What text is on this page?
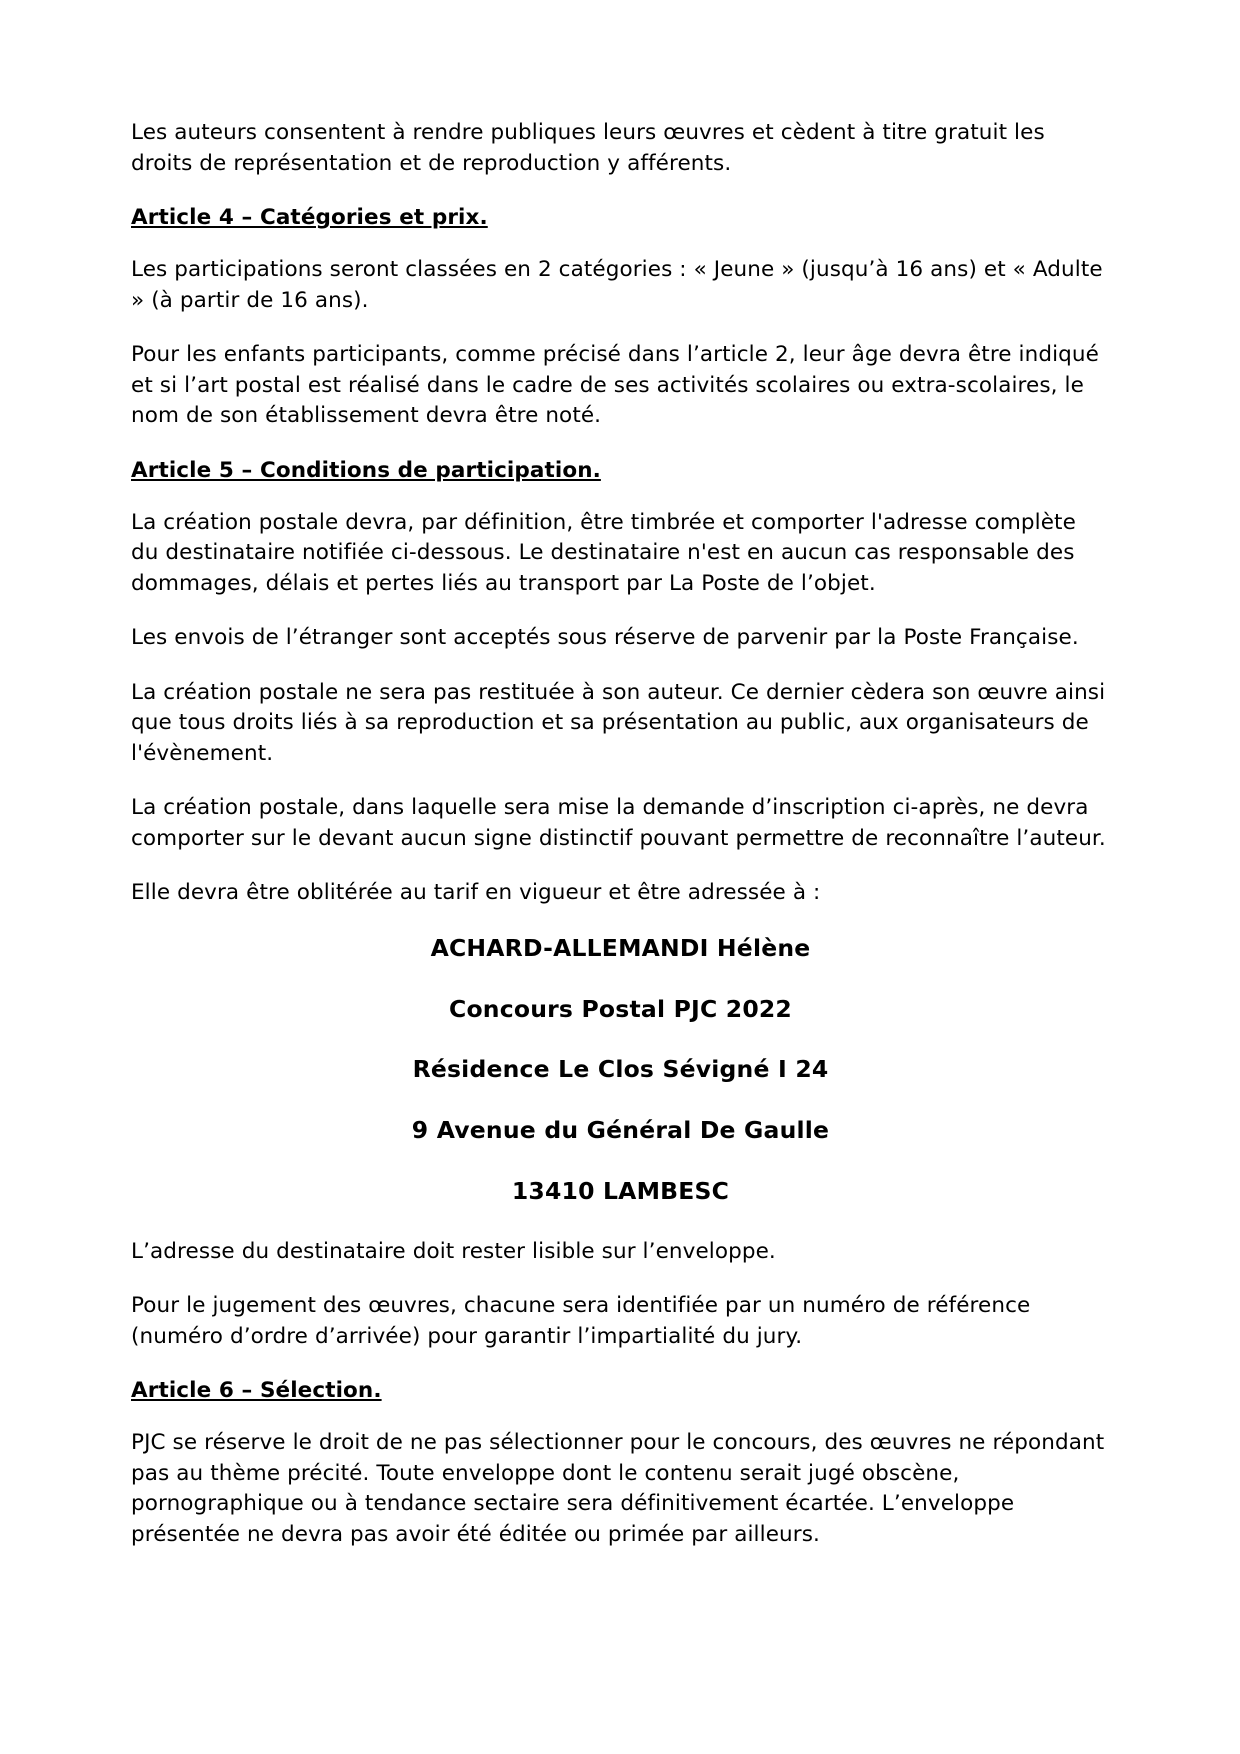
Les auteurs consentent à rendre publiques leurs œuvres et cèdent à titre gratuit les droits de représentation et de reproduction y afférents.

Article 4 – Catégories et prix.

Les participations seront classées en 2 catégories : « Jeune » (jusqu’à 16 ans) et « Adulte » (à partir de 16 ans).

Pour les enfants participants, comme précisé dans l’article 2, leur âge devra être indiqué et si l’art postal est réalisé dans le cadre de ses activités scolaires ou extra-scolaires, le nom de son établissement devra être noté.

Article 5 – Conditions de participation.

La création postale devra, par définition, être timbrée et comporter l'adresse complète du destinataire notifiée ci-dessous. Le destinataire n'est en aucun cas responsable des dommages, délais et pertes liés au transport par La Poste de l’objet.

Les envois de l’étranger sont acceptés sous réserve de parvenir par la Poste Française.

La création postale ne sera pas restituée à son auteur. Ce dernier cèdera son œuvre ainsi que tous droits liés à sa reproduction et sa présentation au public, aux organisateurs de l'évènement.

La création postale, dans laquelle sera mise la demande d’inscription ci-après, ne devra comporter sur le devant aucun signe distinctif pouvant permettre de reconnaître l’auteur.

Elle devra être oblitérée au tarif en vigueur et être adressée à :

ACHARD-ALLEMANDI Hélène
Concours Postal PJC 2022
Résidence Le Clos Sévigné I 24
9 Avenue du Général De Gaulle
13410 LAMBESC

L’adresse du destinataire doit rester lisible sur l’enveloppe.

Pour le jugement des œuvres, chacune sera identifiée par un numéro de référence (numéro d’ordre d’arrivée) pour garantir l’impartialité du jury.

Article 6 – Sélection.

PJC se réserve le droit de ne pas sélectionner pour le concours, des œuvres ne répondant pas au thème précité. Toute enveloppe dont le contenu serait jugé obscène, pornographique ou à tendance sectaire sera définitivement écartée. L’enveloppe présentée ne devra pas avoir été éditée ou primée par ailleurs.
